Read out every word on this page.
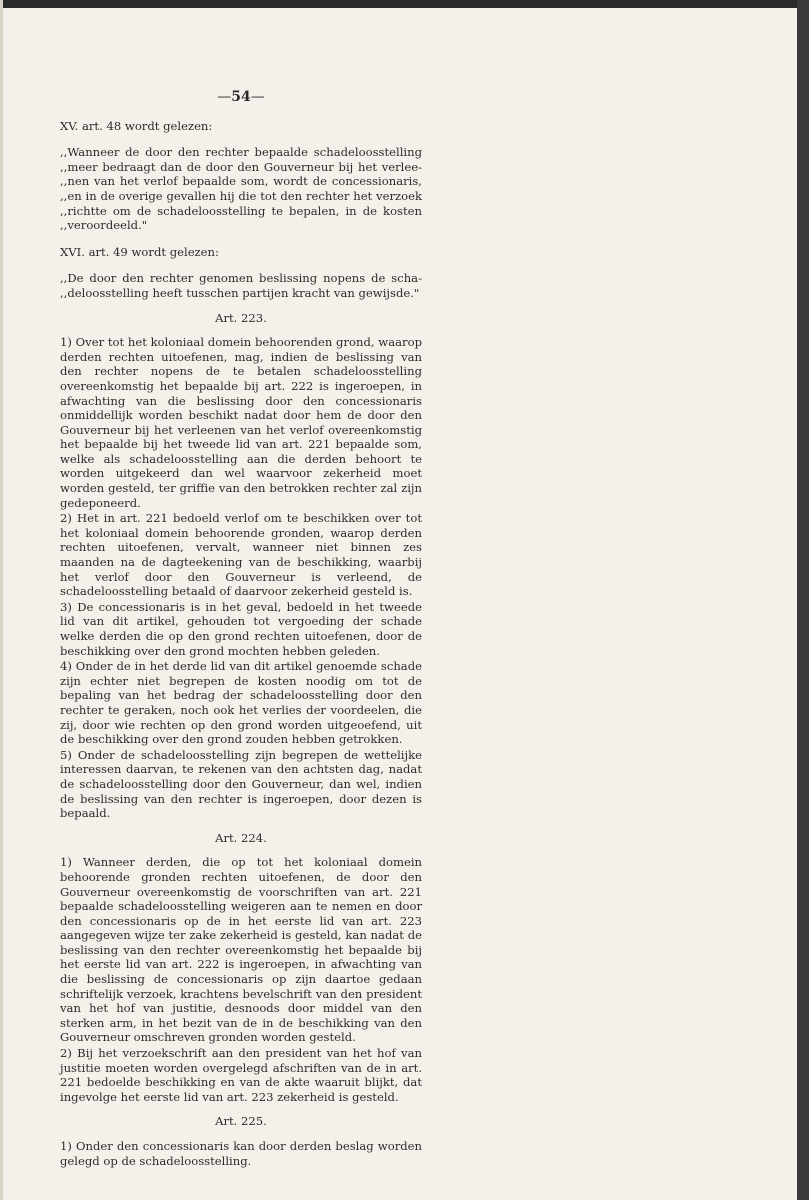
—54—

XV. art. 48 wordt gelezen:

,,Wanneer de door den rechter bepaalde schadeloosstelling ,,meer bedraagt dan de door den Gouverneur bij het verlee- ,,nen van het verlof bepaalde som, wordt de concessionaris, ,,en in de overige gevallen hij die tot den rechter het verzoek ,,richtte om de schadeloosstelling te bepalen, in de kosten ,,veroordeeld."

XVI. art. 49 wordt gelezen:

,,De door den rechter genomen beslissing nopens de scha- ,,deloosstelling heeft tusschen partijen kracht van gewijsde."

Art. 223.

1) Over tot het koloniaal domein behoorenden grond, waarop derden rechten uitoefenen, mag, indien de beslissing van den rechter nopens de te betalen schadeloosstelling overeenkomstig het bepaalde bij art. 222 is ingeroepen, in afwachting van die beslissing door den concessionaris onmiddellijk worden beschikt nadat door hem de door den Gouverneur bij het verleenen van het verlof overeenkomstig het bepaalde bij het tweede lid van art. 221 bepaalde som, welke als schadeloosstelling aan die derden behoort te worden uitgekeerd dan wel waarvoor zekerheid moet worden gesteld, ter griffie van den betrokken rechter zal zijn gedeponeerd.

2) Het in art. 221 bedoeld verlof om te beschikken over tot het koloniaal domein behoorende gronden, waarop derden rechten uitoefenen, vervalt, wanneer niet binnen zes maanden na de dagteekening van de beschikking, waarbij het verlof door den Gouverneur is verleend, de schadeloosstelling betaald of daarvoor zekerheid gesteld is.

3) De concessionaris is in het geval, bedoeld in het tweede lid van dit artikel, gehouden tot vergoeding der schade welke derden die op den grond rechten uitoefenen, door de beschikking over den grond mochten hebben geleden.

4) Onder de in het derde lid van dit artikel genoemde schade zijn echter niet begrepen de kosten noodig om tot de bepaling van het bedrag der schadeloosstelling door den rechter te geraken, noch ook het verlies der voordeelen, die zij, door wie rechten op den grond worden uitgeoefend, uit de beschikking over den grond zouden hebben getrokken.

5) Onder de schadeloosstelling zijn begrepen de wettelijke interessen daarvan, te rekenen van den achtsten dag, nadat de schadeloosstelling door den Gouverneur, dan wel, indien de beslissing van den rechter is ingeroepen, door dezen is bepaald.

Art. 224.

1) Wanneer derden, die op tot het koloniaal domein behoorende gronden rechten uitoefenen, de door den Gouverneur overeenkomstig de voorschriften van art. 221 bepaalde schadeloosstelling weigeren aan te nemen en door den concessionaris op de in het eerste lid van art. 223 aangegeven wijze ter zake zekerheid is gesteld, kan nadat de beslissing van den rechter overeenkomstig het bepaalde bij het eerste lid van art. 222 is ingeroepen, in afwachting van die beslissing de concessionaris op zijn daartoe gedaan schriftelijk verzoek, krachtens bevelschrift van den president van het hof van justitie, desnoods door middel van den sterken arm, in het bezit van de in de beschikking van den Gouverneur omschreven gronden worden gesteld.

2) Bij het verzoekschrift aan den president van het hof van justitie moeten worden overgelegd afschriften van de in art. 221 bedoelde beschikking en van de akte waaruit blijkt, dat ingevolge het eerste lid van art. 223 zekerheid is gesteld.

Art. 225.

1) Onder den concessionaris kan door derden beslag worden gelegd op de schadeloosstelling.
